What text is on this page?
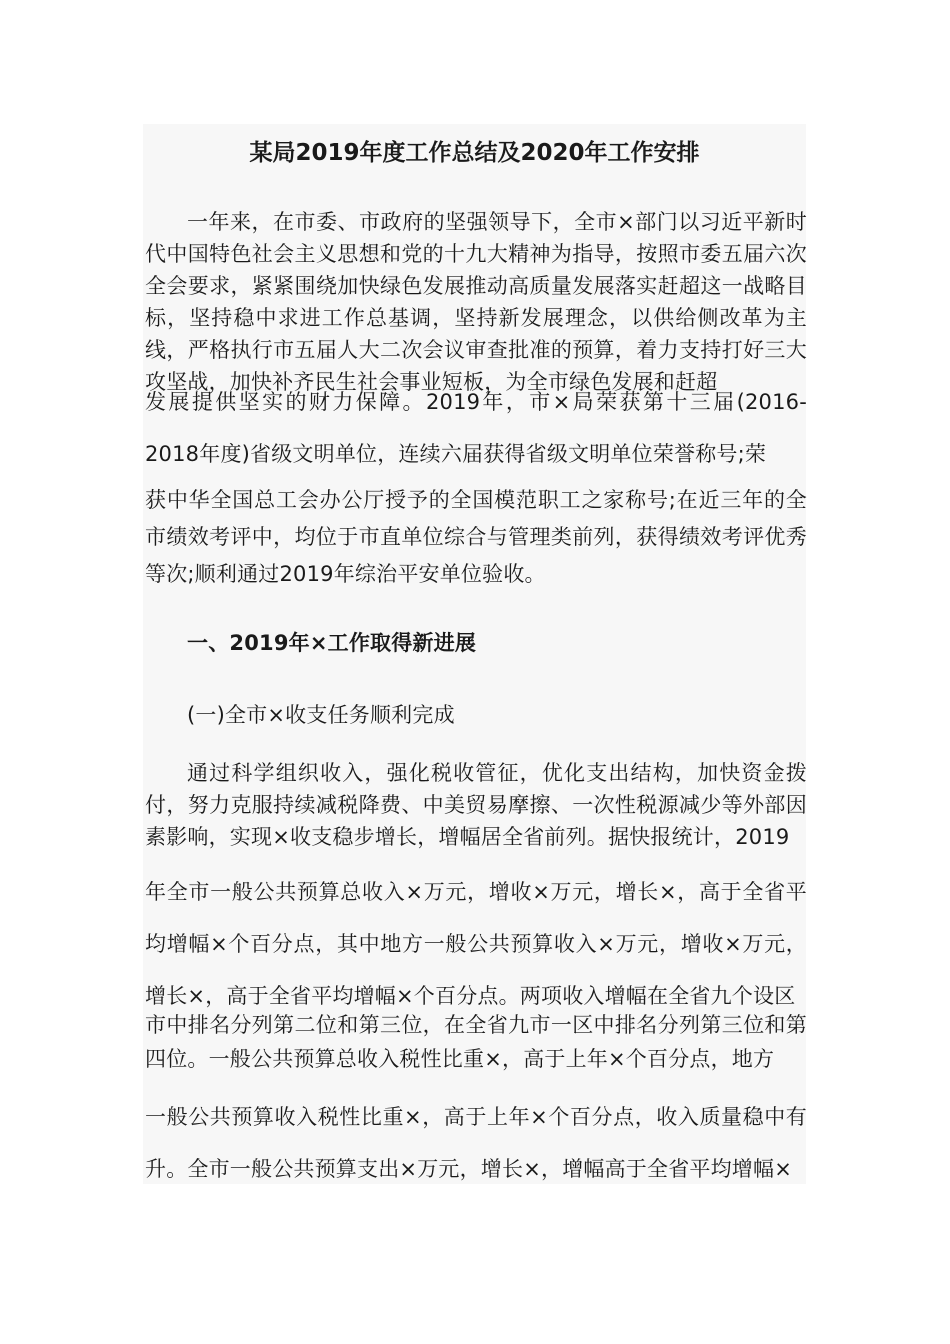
某局2019年度工作总结及2020年工作安排

一年来，在市委、市政府的坚强领导下，全市×部门以习近平新时代中国特色社会主义思想和党的十九大精神为指导，按照市委五届六次全会要求，紧紧围绕加快绿色发展推动高质量发展落实赶超这一战略目标，坚持稳中求进工作总基调，坚持新发展理念，以供给侧改革为主线，严格执行市五届人大二次会议审查批准的预算，着力支持打好三大攻坚战，加快补齐民生社会事业短板，为全市绿色发展和赶超

发展提供坚实的财力保障。2019年，市×局荣获第十三届(2016-2018年度)省级文明单位，连续六届获得省级文明单位荣誉称号;荣

获中华全国总工会办公厅授予的全国模范职工之家称号;在近三年的全市绩效考评中，均位于市直单位综合与管理类前列，获得绩效考评优秀等次;顺利通过2019年综治平安单位验收。

一、2019年×工作取得新进展

(一)全市×收支任务顺利完成

通过科学组织收入，强化税收管征，优化支出结构，加快资金拨付，努力克服持续减税降费、中美贸易摩擦、一次性税源减少等外部因素影响，实现×收支稳步增长，增幅居全省前列。据快报统计，2019

年全市一般公共预算总收入×万元，增收×万元，增长×，高于全省平均增幅×个百分点，其中地方一般公共预算收入×万元，增收×万元，增长×，高于全省平均增幅×个百分点。两项收入增幅在全省九个设区

市中排名分列第二位和第三位，在全省九市一区中排名分列第三位和第四位。一般公共预算总收入税性比重×，高于上年×个百分点，地方

一般公共预算收入税性比重×，高于上年×个百分点，收入质量稳中有升。全市一般公共预算支出×万元，增长×，增幅高于全省平均增幅×
